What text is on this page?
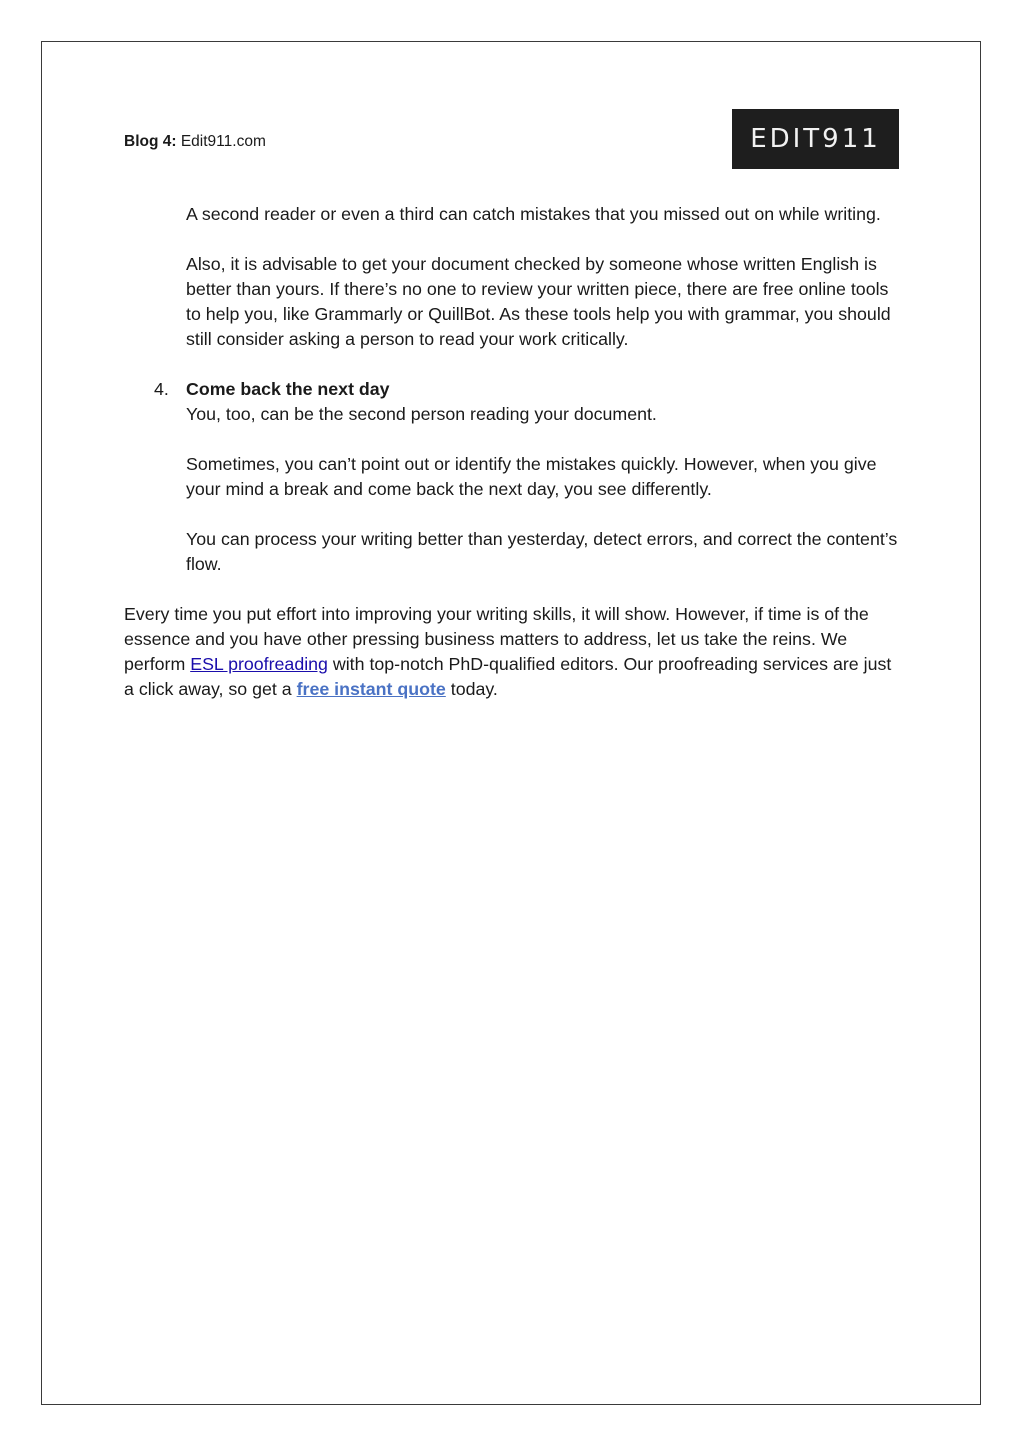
Blog 4: Edit911.com	EDIT911

A second reader or even a third can catch mistakes that you missed out on while writing.

Also, it is advisable to get your document checked by someone whose written English is better than yours. If there’s no one to review your written piece, there are free online tools to help you, like Grammarly or QuillBot. As these tools help you with grammar, you should still consider asking a person to read your work critically.

4. Come back the next day
You, too, can be the second person reading your document.

Sometimes, you can’t point out or identify the mistakes quickly. However, when you give your mind a break and come back the next day, you see differently.

You can process your writing better than yesterday, detect errors, and correct the content’s flow.

Every time you put effort into improving your writing skills, it will show. However, if time is of the essence and you have other pressing business matters to address, let us take the reins. We perform ESL proofreading with top-notch PhD-qualified editors. Our proofreading services are just a click away, so get a free instant quote today.
